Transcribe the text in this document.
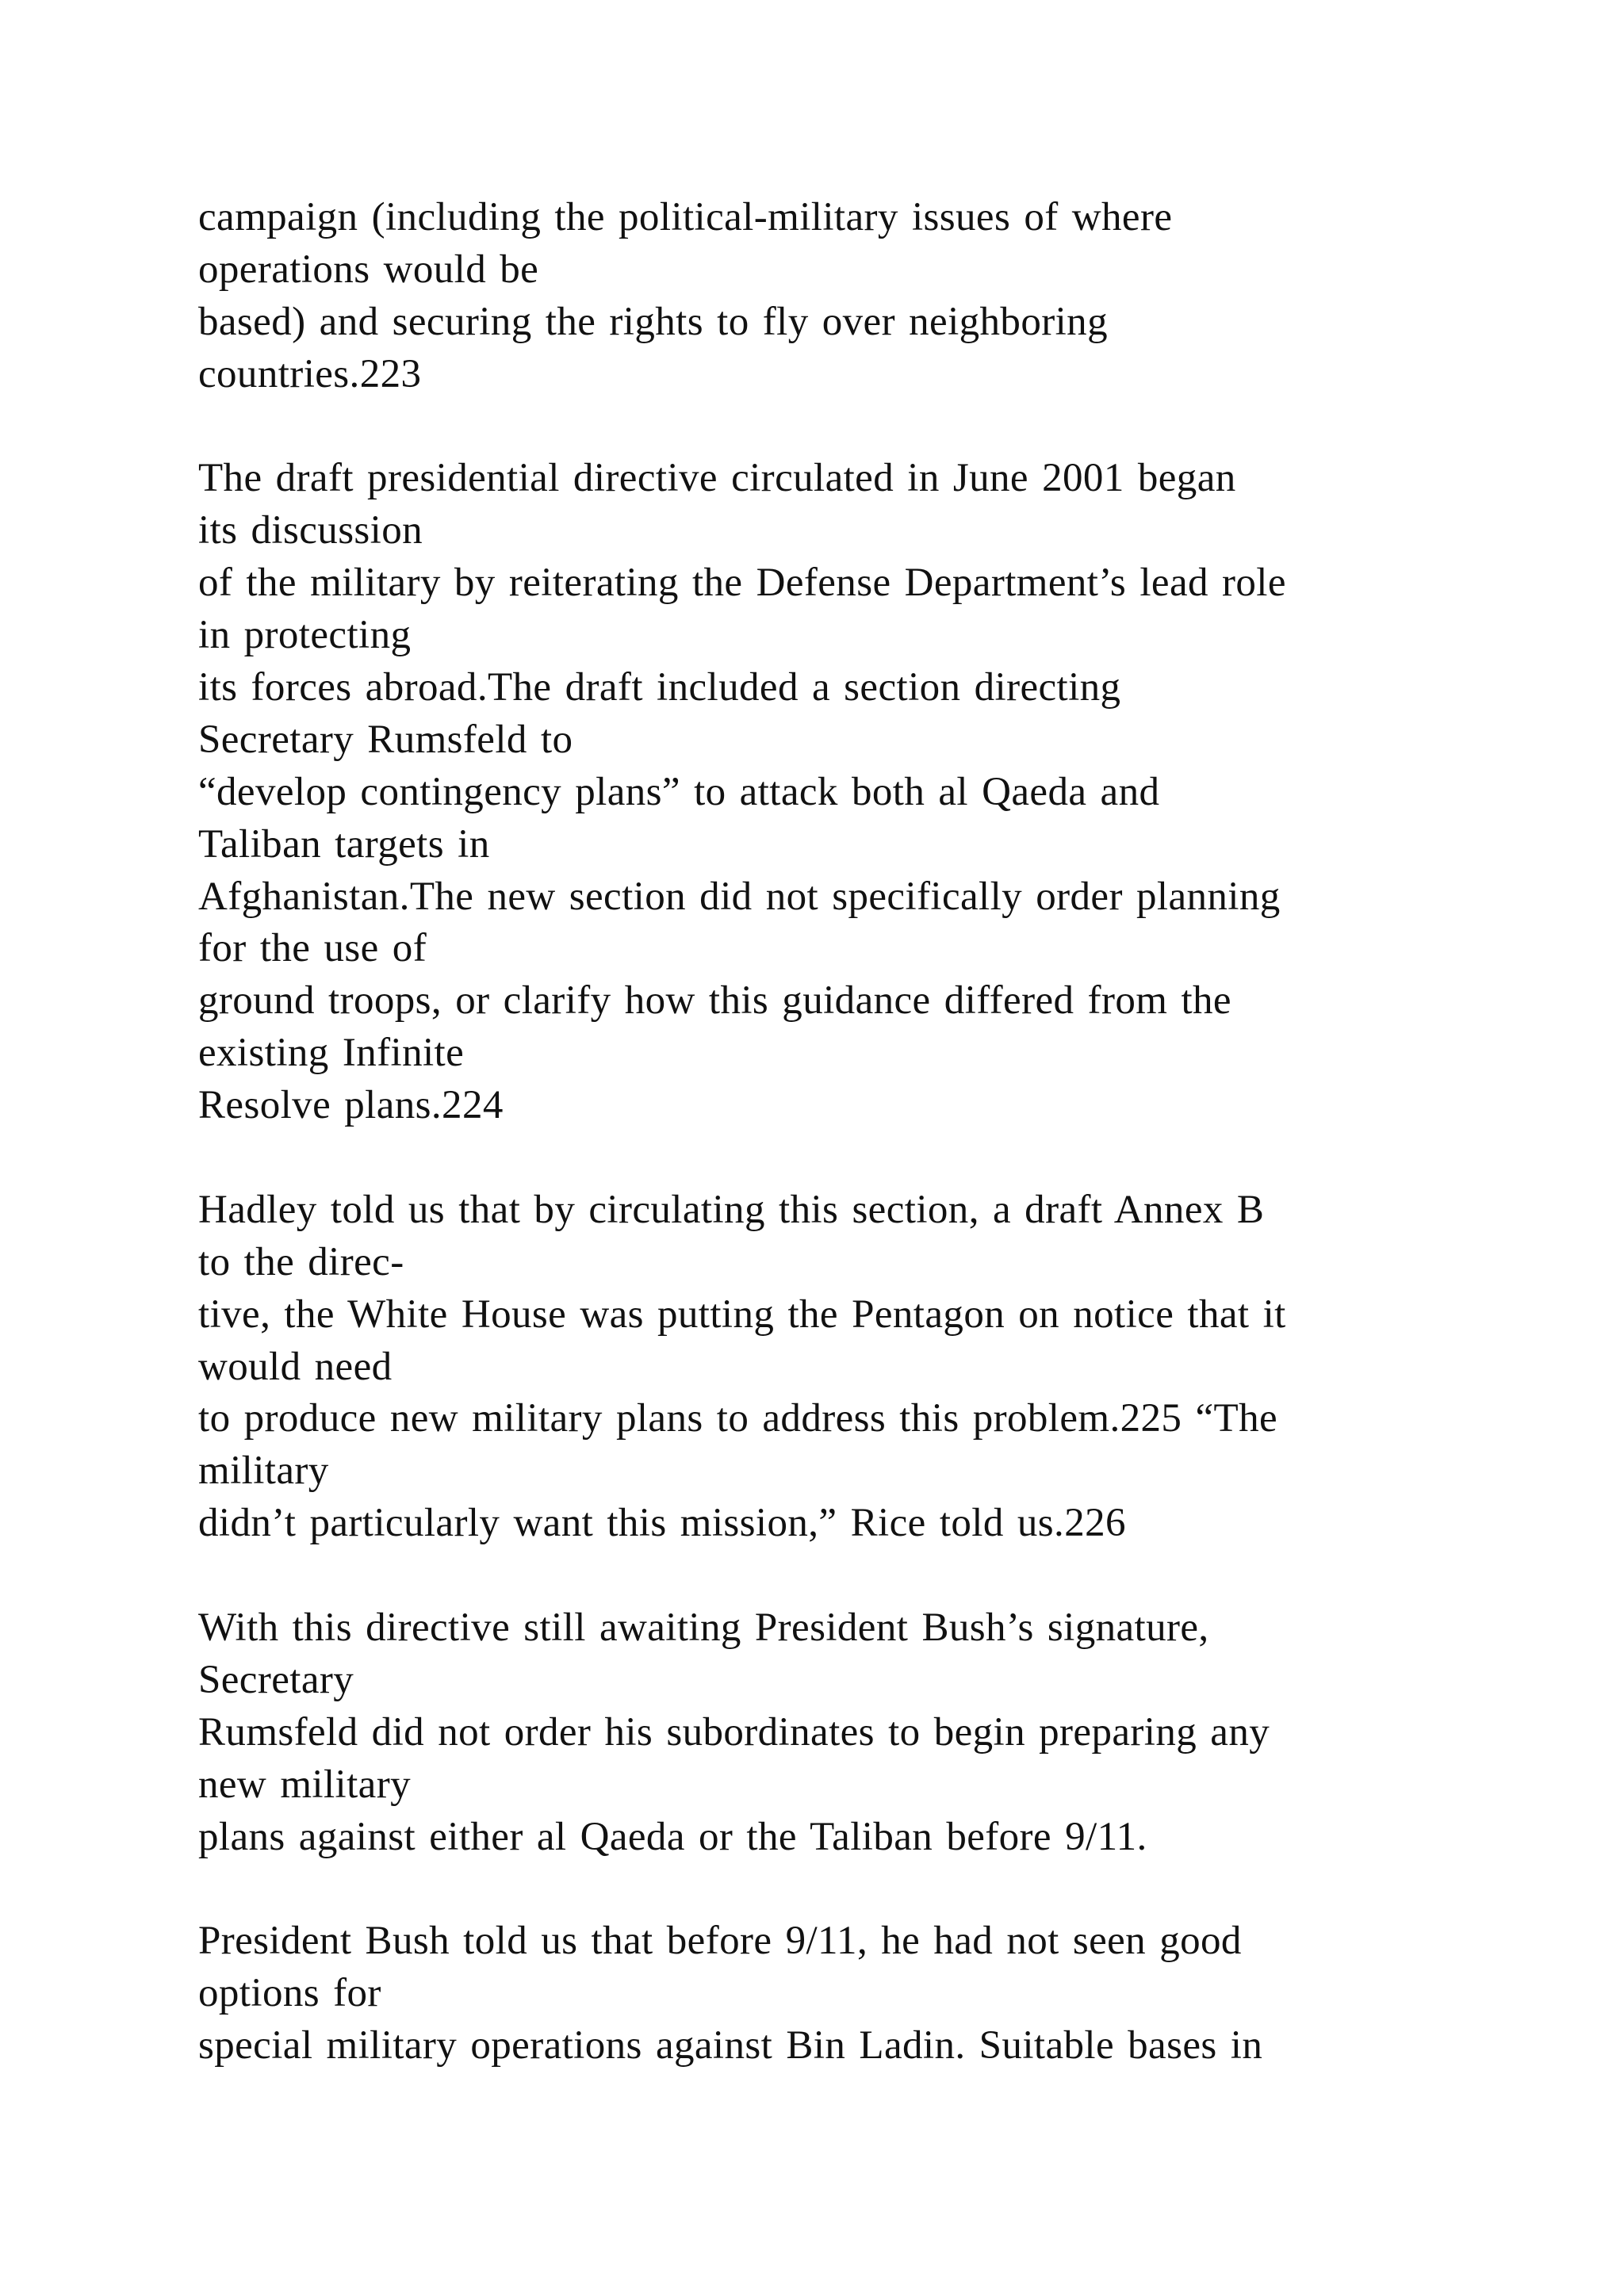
campaign (including the political-military issues of where
operations would be
based) and securing the rights to fly over neighboring
countries.223
The draft presidential directive circulated in June 2001 began
its discussion
of the military by reiterating the Defense Department’s lead role
in protecting
its forces abroad.The draft included a section directing
Secretary Rumsfeld to
“develop contingency plans” to attack both al Qaeda and
Taliban targets in
Afghanistan.The new section did not specifically order planning
for the use of
ground troops, or clarify how this guidance differed from the
existing Infinite
Resolve plans.224
Hadley told us that by circulating this section, a draft Annex B
to the direc-
tive, the White House was putting the Pentagon on notice that it
would need
to produce new military plans to address this problem.225 “The
military
didn’t particularly want this mission,” Rice told us.226
With this directive still awaiting President Bush’s signature,
Secretary
Rumsfeld did not order his subordinates to begin preparing any
new military
plans against either al Qaeda or the Taliban before 9/11.
President Bush told us that before 9/11, he had not seen good
options for
special military operations against Bin Ladin. Suitable bases in
